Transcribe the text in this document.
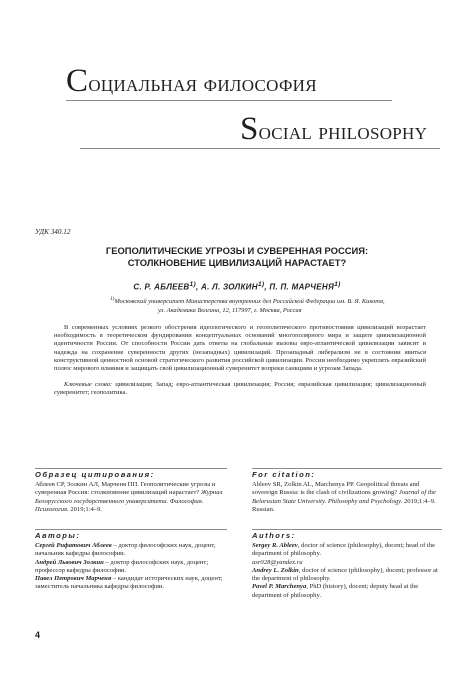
Социальная философия
Social philosophy
УДК 340.12
ГЕОПОЛИТИЧЕСКИЕ УГРОЗЫ И СУВЕРЕННАЯ РОССИЯ:
СТОЛКНОВЕНИЕ ЦИВИЛИЗАЦИЙ НАРАСТАЕТ?
С. Р. АБЛЕЕВ$^{1)}$, А. Л. ЗОЛКИН$^{1)}$, П. П. МАРЧЕНЯ$^{1)}$
$^{1)}$Московский университет Министерства внутренних дел Российской Федерации им. В. Я. Кикотя,
ул. Академика Волгина, 12, 117997, г. Москва, Россия
В современных условиях резкого обострения идеологического и геополитического противостояния цивилизаций возрастает необходимость в теоретическом фундировании концептуальных оснований многополярного мира и защите цивилизационной идентичности России. От способности России дать ответы на глобальные вызовы евро-атлантической цивилизации зависит и надежда на сохранение суверенности других (незападных) цивилизаций. Прозападный либерализм не в состоянии явиться конструктивной ценностной основой стратегического развития российской цивилизации. России необходимо укреплять евразийский полюс мирового влияния и защищать свой цивилизационный суверенитет вопреки санкциям и угрозам Запада.
Ключевые слова: цивилизация; Запад; евро-атлантическая цивилизация; Россия; евразийская цивилизация; цивилизационный суверенитет; геополитика.
Образец цитирования:	For citation:
Аблеев СР, Золкин АЛ, Марченя ПП. Геополитические угрозы и суверенная Россия: столкновение цивилизаций нарастает? Журнал Белорусского государственного университета. Философия. Психология. 2019;1:4–9.
Ableev SR, Zolkin AL, Marchenya PP. Geopolitical threats and sovereign Russia: is the clash of civilizations growing? Journal of the Belarusian State University. Philosophy and Psychology. 2019;1:4–9. Russian.
Авторы:	Authors:
Сергей Рифатович Аблеев – доктор философских наук, доцент, начальник кафедры философии.
Андрей Львович Золкин – доктор философских наук, доцент; профессор кафедры философии.
Павел Петрович Марченя – кандидат исторических наук, доцент; заместитель начальника кафедры философии.
Sergey R. Ableev, doctor of science (philosophy), docent; head of the department of philosophy.
asr028@yandex.ru
Andrey L. Zolkin, doctor of science (philosophy), docent; professor at the department of philosophy.
Pavel P. Marchenya, PhD (history), docent; deputy head at the department of philosophy.
4
